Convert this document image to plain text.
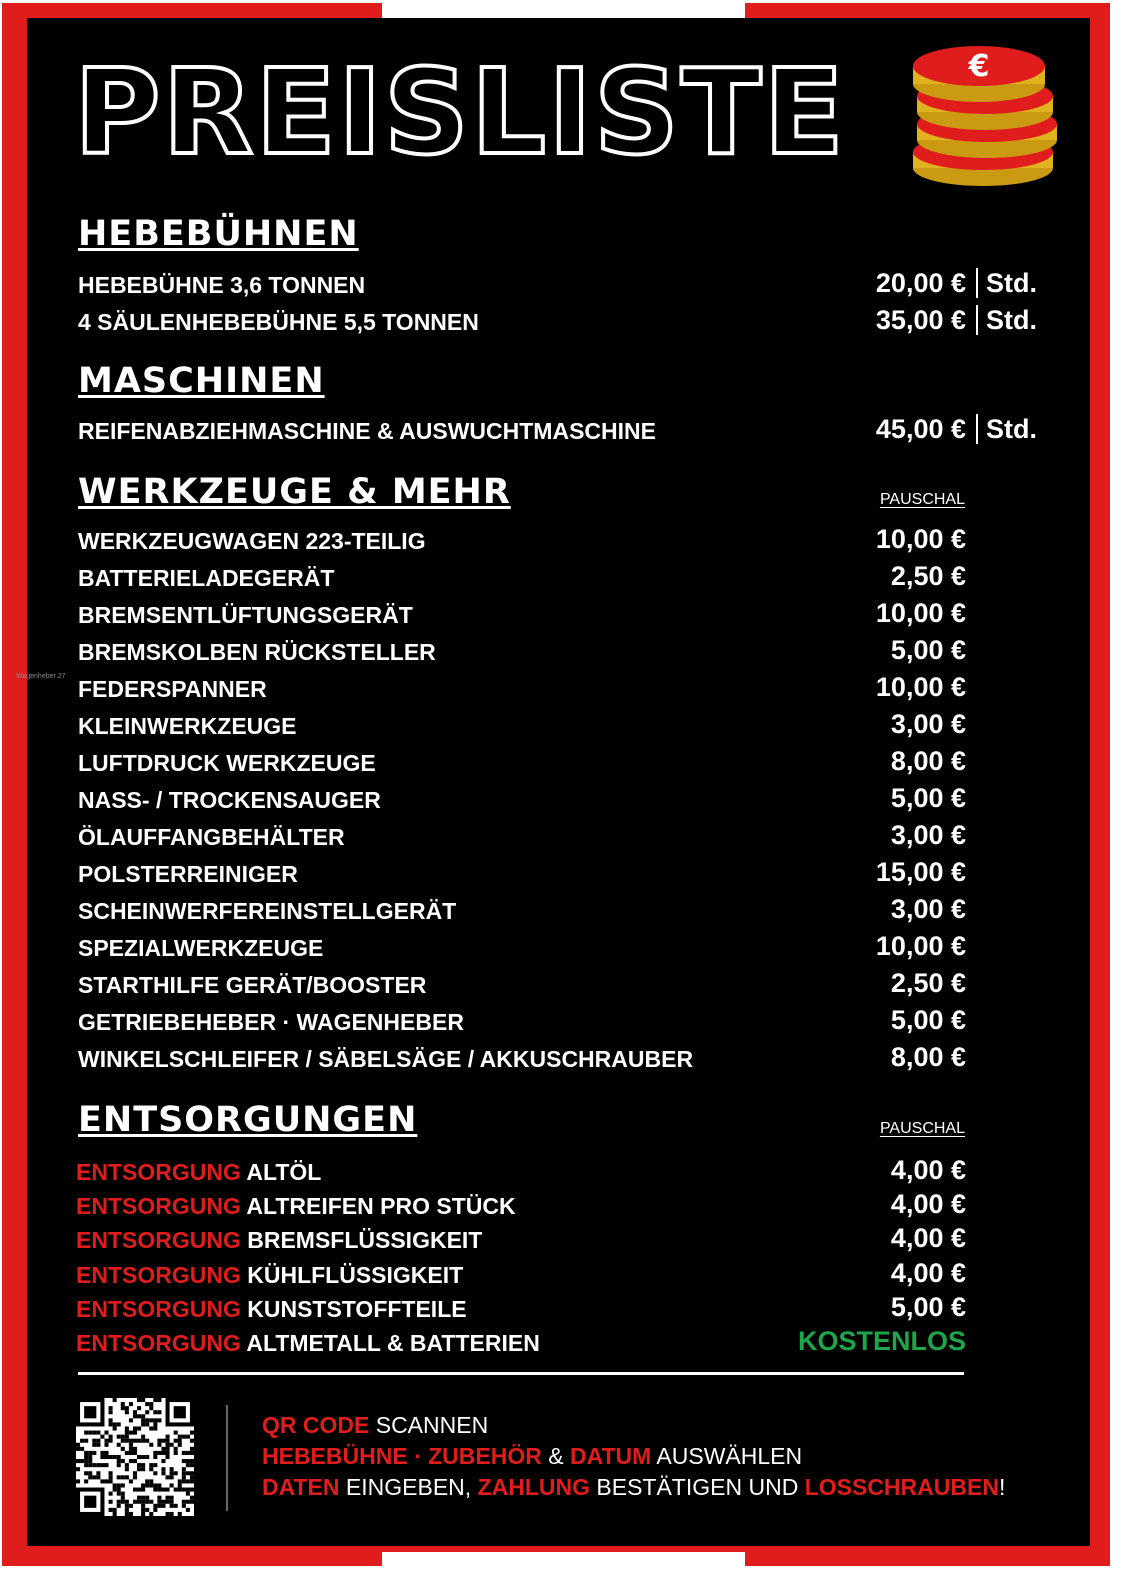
Wagenheber 27
PREISLISTE	€
HEBEBÜHNEN
HEBEBÜHNE 3,6 TONNEN	20,00 € Std.
4 SÄULENHEBEBÜHNE 5,5 TONNEN	35,00 € Std.
MASCHINEN
REIFENABZIEHMASCHINE & AUSWUCHTMASCHINE	45,00 € Std.
WERKZEUGE & MEHR	PAUSCHAL
WERKZEUGWAGEN 223-TEILIG	10,00 €
BATTERIELADEGERÄT	2,50 €
BREMSENTLÜFTUNGSGERÄT	10,00 €
BREMSKOLBEN RÜCKSTELLER	5,00 €
FEDERSPANNER	10,00 €
KLEINWERKZEUGE	3,00 €
LUFTDRUCK WERKZEUGE	8,00 €
NASS- / TROCKENSAUGER	5,00 €
ÖLAUFFANGBEHÄLTER	3,00 €
POLSTERREINIGER	15,00 €
SCHEINWERFEREINSTELLGERÄT	3,00 €
SPEZIALWERKZEUGE	10,00 €
STARTHILFE GERÄT/BOOSTER	2,50 €
GETRIEBEHEBER · WAGENHEBER	5,00 €
WINKELSCHLEIFER / SÄBELSÄGE / AKKUSCHRAUBER	8,00 €
ENTSORGUNGEN	PAUSCHAL
ENTSORGUNG ALTÖL	4,00 €
ENTSORGUNG ALTREIFEN PRO STÜCK	4,00 €
ENTSORGUNG BREMSFLÜSSIGKEIT	4,00 €
ENTSORGUNG KÜHLFLÜSSIGKEIT	4,00 €
ENTSORGUNG KUNSTSTOFFTEILE	5,00 €
ENTSORGUNG ALTMETALL & BATTERIEN	KOSTENLOS
QR CODE SCANNEN
HEBEBÜHNE · ZUBEHÖR & DATUM AUSWÄHLEN
DATEN EINGEBEN, ZAHLUNG BESTÄTIGEN UND LOSSCHRAUBEN!
